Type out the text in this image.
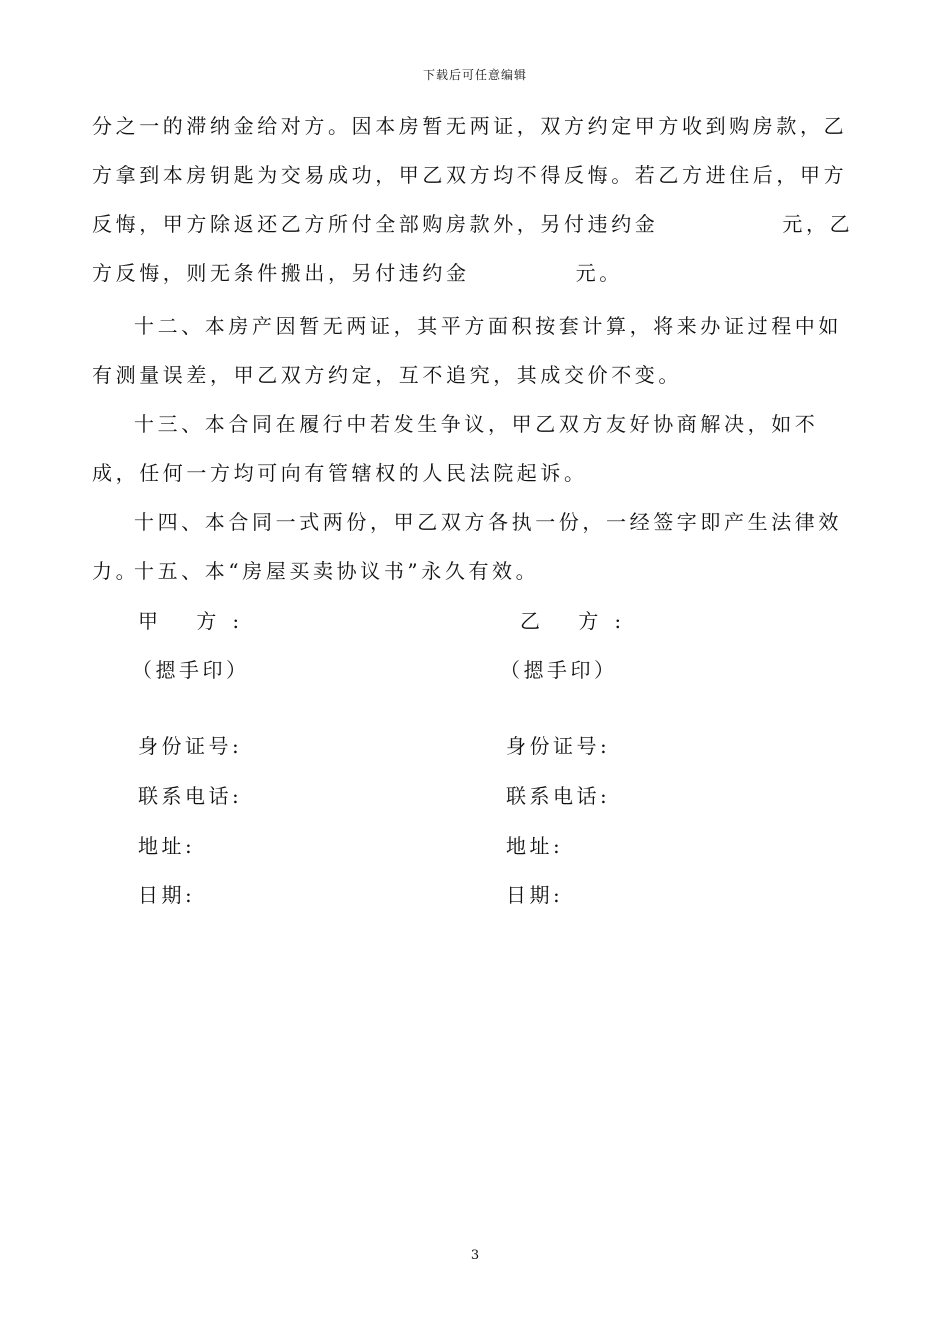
下载后可任意编辑

分之一的滞纳金给对方。因本房暂无两证，双方约定甲方收到购房款，乙方拿到本房钥匙为交易成功，甲乙双方均不得反悔。若乙方进住后，甲方反悔，甲方除返还乙方所付全部购房款外，另付违约金	元，乙方反悔，则无条件搬出，另付违约金	元。

十二、本房产因暂无两证，其平方面积按套计算，将来办证过程中如有测量误差，甲乙双方约定，互不追究，其成交价不变。

十三、本合同在履行中若发生争议，甲乙双方友好协商解决，如不成，任何一方均可向有管辖权的人民法院起诉。

十四、本合同一式两份，甲乙双方各执一份，一经签字即产生法律效力。

十五、本“房屋买卖协议书”永久有效。

甲 方:
（摁手印）
身份证号:
联系电话:
地址:
日期:
乙 方:
（摁手印）
身份证号:
联系电话:
地址:
日期:
3
